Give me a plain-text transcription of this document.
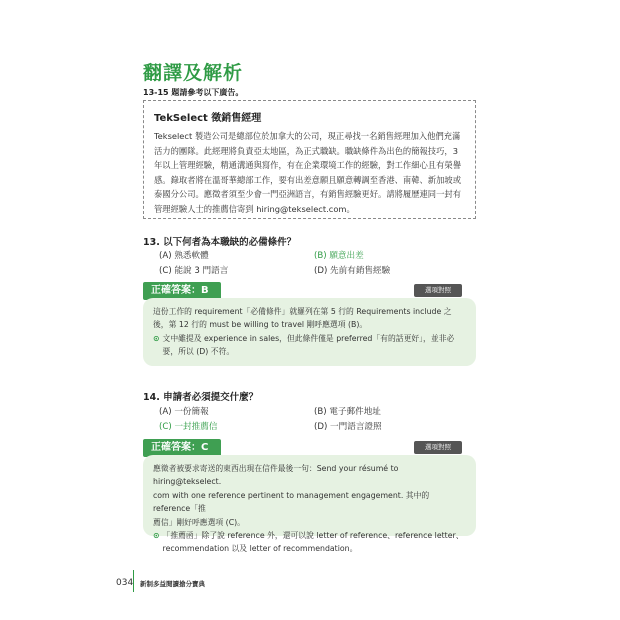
翻譯及解析
13-15 題請參考以下廣告。
TekSelect 徵銷售經理
Tekselect 製造公司是總部位於加拿大的公司，現正尋找一名銷售經理加入他們充滿
活力的團隊。此經理將負責亞太地區，為正式職缺。職缺條件為出色的簡報技巧，3
年以上管理經驗，精通溝通與寫作，有在企業環境工作的經驗，對工作細心且有榮譽
感。錄取者將在溫哥華總部工作，要有出差意願且願意轉調至香港、南韓、新加坡或
泰國分公司。應徵者須至少會一門亞洲語言，有銷售經驗更好。請將履歷連同一封有
管理經驗人士的推薦信寄到 hiring@tekselect.com。
13. 以下何者為本職缺的必備條件？
(A) 熟悉軟體	(B) 願意出差
(C) 能說 3 門語言	(D) 先前有銷售經驗
正確答案：B	選項對照
這份工作的 requirement「必備條件」就羅列在第 5 行的 Requirements include 之
後，第 12 行的 must be willing to travel 剛呼應選項 (B)。
⊙ 文中雖提及 experience in sales，但此條件僅是 preferred「有的話更好」，並非必
要，所以 (D) 不符。
14. 申請者必須提交什麼？
(A) 一份簡報	(B) 電子郵件地址
(C) 一封推薦信	(D) 一門語言證照
正確答案：C	選項對照
應徵者被要求寄送的東西出現在信件最後一句：Send your résumé to hiring@tekselect.
com with one reference pertinent to management engagement. 其中的 reference「推
薦信」剛好呼應選項 (C)。
⊙ 「推薦函」除了說 reference 外，還可以說 letter of reference、reference letter、
recommendation 以及 letter of recommendation。
034 新制多益閱讀搶分寶典
